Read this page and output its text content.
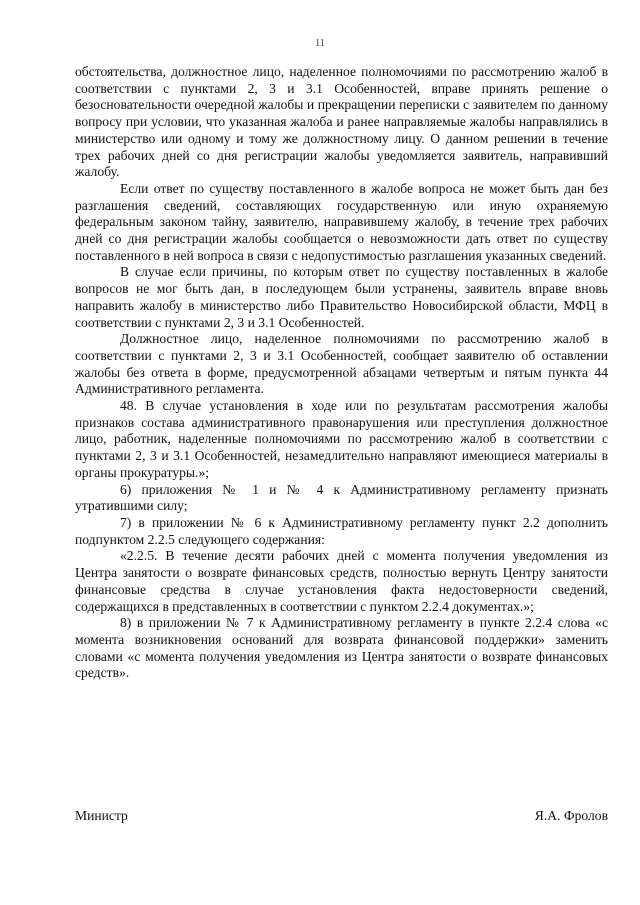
11

обстоятельства, должностное лицо, наделенное полномочиями по рассмотрению жалоб в соответствии с пунктами 2, 3 и 3.1 Особенностей, вправе принять решение о безосновательности очередной жалобы и прекращении переписки с заявителем по данному вопросу при условии, что указанная жалоба и ранее направляемые жалобы направлялись в министерство или одному и тому же должностному лицу. О данном решении в течение трех рабочих дней со дня регистрации жалобы уведомляется заявитель, направивший жалобу.

Если ответ по существу поставленного в жалобе вопроса не может быть дан без разглашения сведений, составляющих государственную или иную охраняемую федеральным законом тайну, заявителю, направившему жалобу, в течение трех рабочих дней со дня регистрации жалобы сообщается о невозможности дать ответ по существу поставленного в ней вопроса в связи с недопустимостью разглашения указанных сведений.

В случае если причины, по которым ответ по существу поставленных в жалобе вопросов не мог быть дан, в последующем были устранены, заявитель вправе вновь направить жалобу в министерство либо Правительство Новосибирской области, МФЦ в соответствии с пунктами 2, 3 и 3.1 Особенностей.

Должностное лицо, наделенное полномочиями по рассмотрению жалоб в соответствии с пунктами 2, 3 и 3.1 Особенностей, сообщает заявителю об оставлении жалобы без ответа в форме, предусмотренной абзацами четвертым и пятым пункта 44 Административного регламента.

48. В случае установления в ходе или по результатам рассмотрения жалобы признаков состава административного правонарушения или преступления должностное лицо, работник, наделенные полномочиями по рассмотрению жалоб в соответствии с пунктами 2, 3 и 3.1 Особенностей, незамедлительно направляют имеющиеся материалы в органы прокуратуры.»;

6) приложения № 1 и № 4 к Административному регламенту признать утратившими силу;

7) в приложении № 6 к Административному регламенту пункт 2.2 дополнить подпунктом 2.2.5 следующего содержания:

«2.2.5. В течение десяти рабочих дней с момента получения уведомления из Центра занятости о возврате финансовых средств, полностью вернуть Центру занятости финансовые средства в случае установления факта недостоверности сведений, содержащихся в представленных в соответствии с пунктом 2.2.4 документах.»;

8) в приложении № 7 к Административному регламенту в пункте 2.2.4 слова «с момента возникновения оснований для возврата финансовой поддержки» заменить словами «с момента получения уведомления из Центра занятости о возврате финансовых средств».

Министр	Я.А. Фролов
